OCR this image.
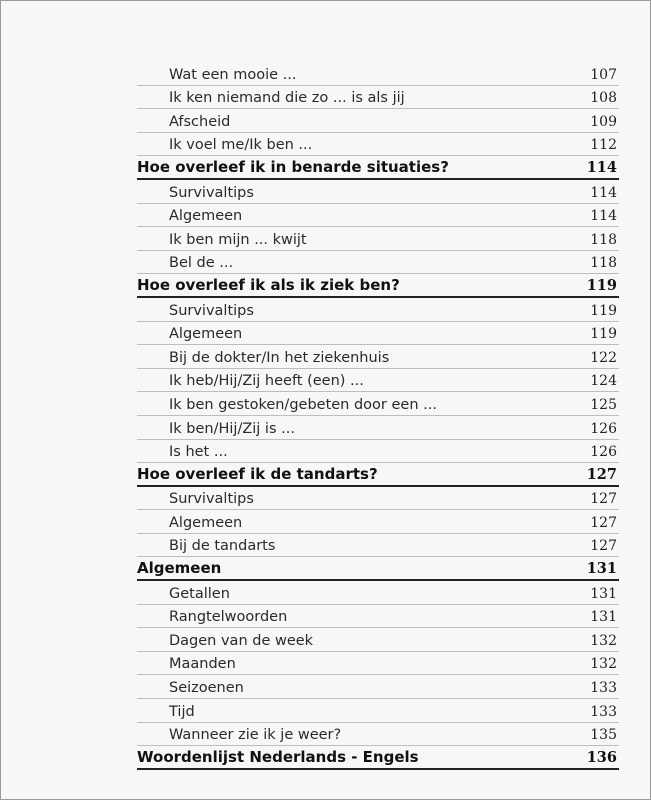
Wat een mooie ...	107
Ik ken niemand die zo ... is als jij	108
Afscheid	109
Ik voel me/Ik ben ...	112
Hoe overleef ik in benarde situaties?	114
Survivaltips	114
Algemeen	114
Ik ben mijn ... kwijt	118
Bel de ...	118
Hoe overleef ik als ik ziek ben?	119
Survivaltips	119
Algemeen	119
Bij de dokter/In het ziekenhuis	122
Ik heb/Hij/Zij heeft (een) ...	124
Ik ben gestoken/gebeten door een ...	125
Ik ben/Hij/Zij is ...	126
Is het ...	126
Hoe overleef ik de tandarts?	127
Survivaltips	127
Algemeen	127
Bij de tandarts	127
Algemeen	131
Getallen	131
Rangtelwoorden	131
Dagen van de week	132
Maanden	132
Seizoenen	133
Tijd	133
Wanneer zie ik je weer?	135
Woordenlijst Nederlands - Engels	136
